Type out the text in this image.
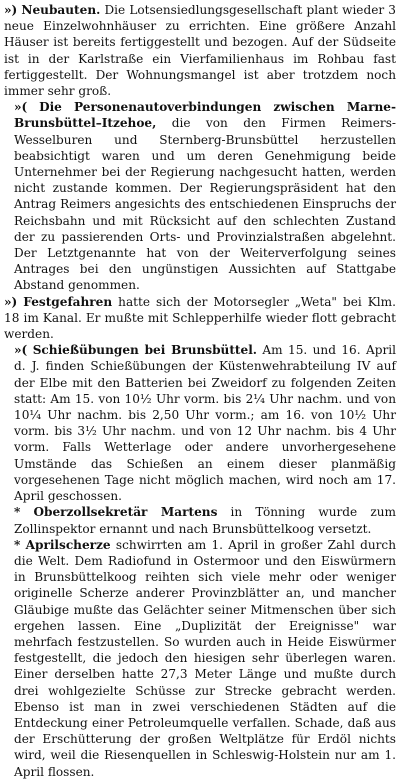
») Neubauten. Die Lotsensiedlungsgesellschaft plant wieder 3 neue Einzelwohnhäuser zu errichten. Eine größere Anzahl Häuser ist bereits fertiggestellt und bezogen. Auf der Südseite ist in der Karlstraße ein Vierfamilienhaus im Rohbau fast fertiggestellt. Der Wohnungsmangel ist aber trotzdem noch immer sehr groß.

»( Die Personenautoverbindungen zwischen Marne-Brunsbüttel–Itzehoe, die von den Firmen Reimers-Wesselburen und Sternberg-Brunsbüttel herzustellen beabsichtigt waren und um deren Genehmigung beide Unternehmer bei der Regierung nachgesucht hatten, werden nicht zustande kommen. Der Regierungspräsident hat den Antrag Reimers angesichts des entschiedenen Einspruchs der Reichsbahn und mit Rücksicht auf den schlechten Zustand der zu passierenden Orts- und Provinzialstraßen abgelehnt. Der Letztgenannte hat von der Weiterverfolgung seines Antrages bei den ungünstigen Aussichten auf Stattgabe Abstand genommen.

») Festgefahren hatte sich der Motorsegler „Weta" bei Klm. 18 im Kanal. Er mußte mit Schlepperhilfe wieder flott gebracht werden.

»( Schießübungen bei Brunsbüttel. Am 15. und 16. April d. J. finden Schießübungen der Küstenwehrabteilung IV auf der Elbe mit den Batterien bei Zweidorf zu folgenden Zeiten statt: Am 15. von 10½ Uhr vorm. bis 2¼ Uhr nachm. und von 10¼ Uhr nachm. bis 2,50 Uhr vorm.; am 16. von 10½ Uhr vorm. bis 3½ Uhr nachm. und von 12 Uhr nachm. bis 4 Uhr vorm. Falls Wetterlage oder andere unvorhergesehene Umstände das Schießen an einem dieser planmäßig vorgesehenen Tage nicht möglich machen, wird noch am 17. April geschossen.

* Oberzollsekretär Martens in Tönning wurde zum Zollinspektor ernannt und nach Brunsbüttelkoog versetzt.

* Aprilscherze schwirrten am 1. April in großer Zahl durch die Welt. Dem Radiofund in Ostermoor und den Eiswürmern in Brunsbüttelkoog reihten sich viele mehr oder weniger originelle Scherze anderer Provinzblätter an, und mancher Gläubige mußte das Gelächter seiner Mitmenschen über sich ergehen lassen. Eine „Duplizität der Ereignisse" war mehrfach festzustellen. So wurden auch in Heide Eiswürmer festgestellt, die jedoch den hiesigen sehr überlegen waren. Einer derselben hatte 27,3 Meter Länge und mußte durch drei wohlgezielte Schüsse zur Strecke gebracht werden. Ebenso ist man in zwei verschiedenen Städten auf die Entdeckung einer Petroleumquelle verfallen. Schade, daß aus der Erschütterung der großen Weltplätze für Erdöl nichts wird, weil die Riesenquellen in Schleswig-Holstein nur am 1. April flossen.
